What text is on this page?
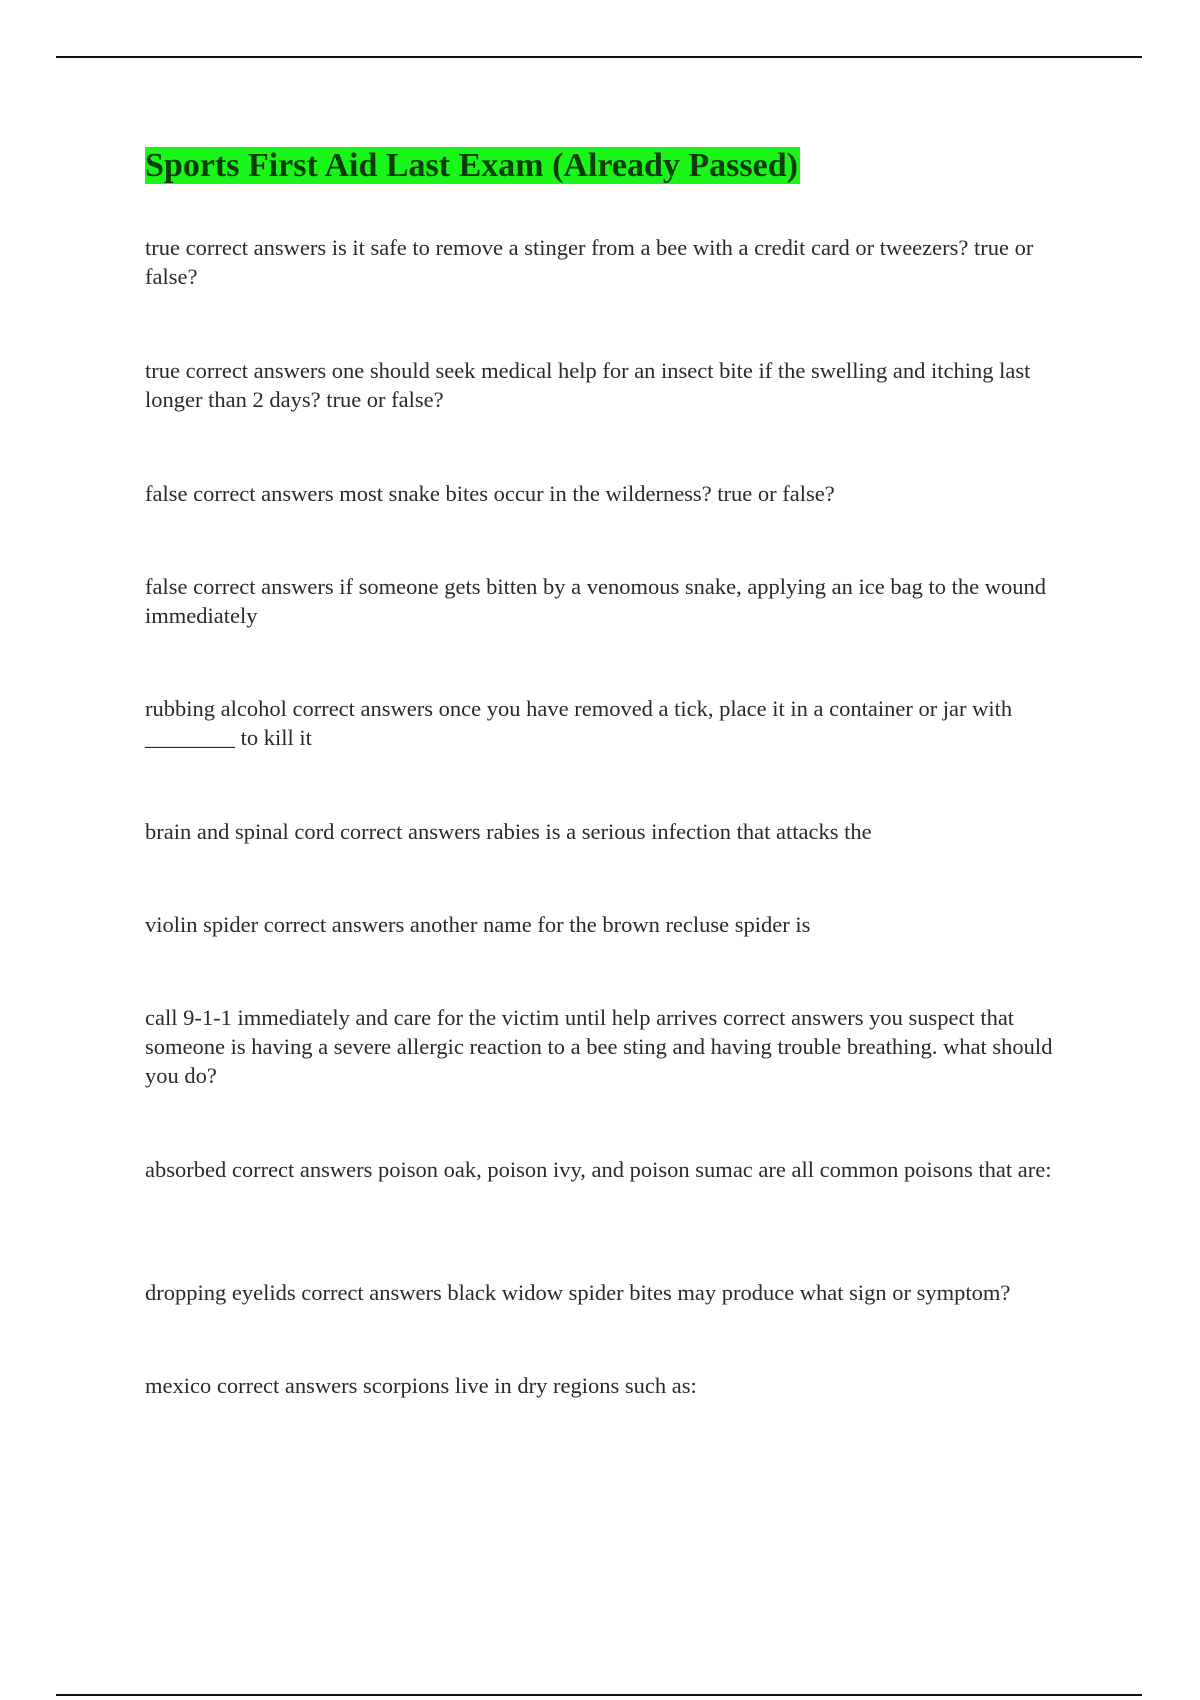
Sports First Aid Last Exam (Already Passed)

true correct answers is it safe to remove a stinger from a bee with a credit card or tweezers? true or false?

true correct answers one should seek medical help for an insect bite if the swelling and itching last longer than 2 days? true or false?

false correct answers most snake bites occur in the wilderness? true or false?

false correct answers if someone gets bitten by a venomous snake, applying an ice bag to the wound immediately

rubbing alcohol correct answers once you have removed a tick, place it in a container or jar with ________ to kill it

brain and spinal cord correct answers rabies is a serious infection that attacks the

violin spider correct answers another name for the brown recluse spider is

call 9-1-1 immediately and care for the victim until help arrives correct answers you suspect that someone is having a severe allergic reaction to a bee sting and having trouble breathing. what should you do?

absorbed correct answers poison oak, poison ivy, and poison sumac are all common poisons that are:

dropping eyelids correct answers black widow spider bites may produce what sign or symptom?

mexico correct answers scorpions live in dry regions such as:
